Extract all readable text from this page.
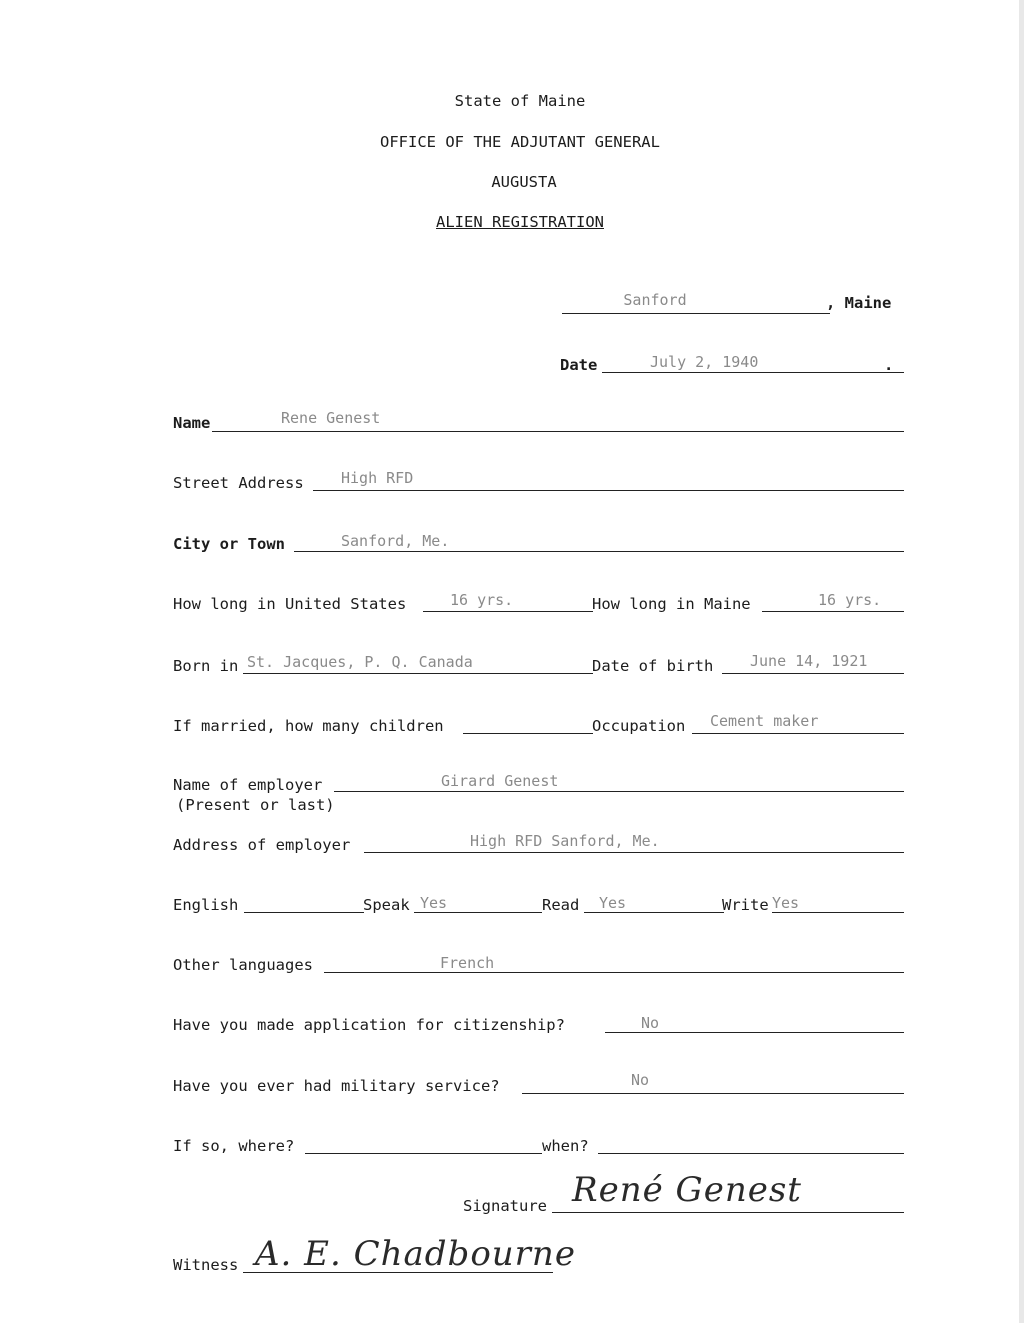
State of Maine
OFFICE OF THE ADJUTANT GENERAL
AUGUSTA
ALIEN REGISTRATION
Sanford	, Maine
Date	July 2, 1940	.
Name	Rene Genest
Street Address High RFD
City or Town	Sanford, Me.
How long in United States	16 yrs.	How long in Maine	16 yrs.
Born in St. Jacques, P. Q. Canada	Date of birth June 14, 1921
If married, how many children	Occupation Cement maker
Name of employer
(Present or last)
Girard Genest
Address of employer	High RFD Sanford, Me.
English	Speak Yes	Read Yes	Write Yes
Other languages	French
Have you made application for citizenship?	No
Have you ever had military service?	No
If so, where?	when?
Signature René Genest
Witness A. E. Chadbourne
